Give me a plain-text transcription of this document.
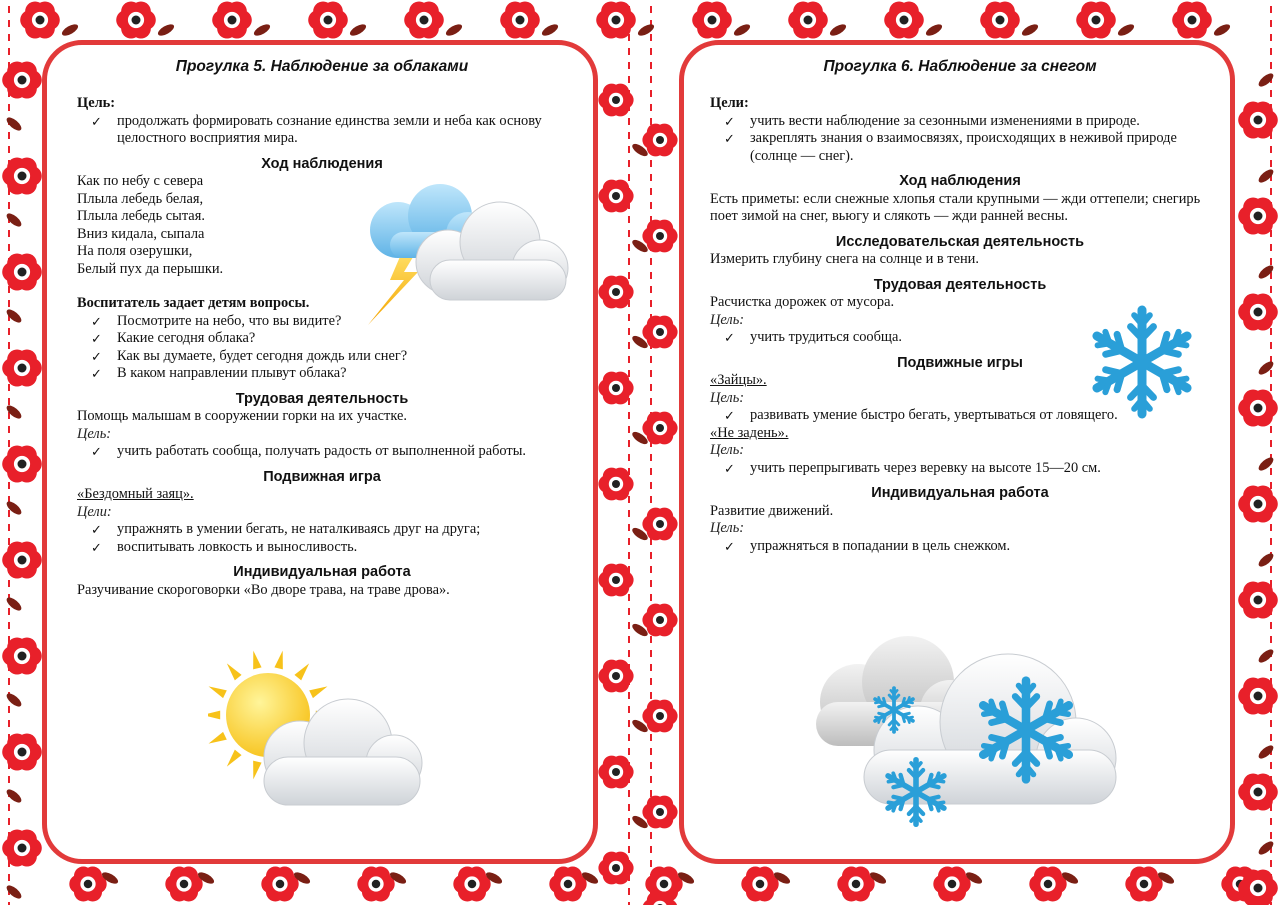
Прогулка 5. Наблюдение за облаками
Цель:
✓ продолжать формировать сознание единства земли и неба как основу целостного восприятия мира.
Ход наблюдения
Как по небу с севера
Плыла лебедь белая,
Плыла лебедь сытая.
Вниз кидала, сыпала
На поля озерушки,
Белый пух да перышки.
Воспитатель задает детям вопросы.
✓ Посмотрите на небо, что вы видите?
✓ Какие сегодня облака?
✓ Как вы думаете, будет сегодня дождь или снег?
✓ В каком направлении плывут облака?
Трудовая деятельность
Помощь малышам в сооружении горки на их участке.
Цель:
✓ учить работать сообща, получать радость от выполненной работы.
Подвижная игра
«Бездомный заяц».
Цели:
✓ упражнять в умении бегать, не наталкиваясь друг на друга;
✓ воспитывать ловкость и выносливость.
Индивидуальная работа
Разучивание скороговорки «Во дворе трава, на траве дрова».
Прогулка 6. Наблюдение за снегом
Цели:
✓ учить вести наблюдение за сезонными изменениями в природе.
✓ закреплять знания о взаимосвязях, происходящих в неживой природе (солнце — снег).
Ход наблюдения
Есть приметы: если снежные хлопья стали крупными — жди оттепели; снегирь поет зимой на снег, вьюгу и слякоть — жди ранней весны.
Исследовательская деятельность
Измерить глубину снега на солнце и в тени.
Трудовая деятельность
Расчистка дорожек от мусора.
Цель:
✓ учить трудиться сообща.
Подвижные игры
«Зайцы».
Цель:
✓ развивать умение быстро бегать, увертываться от ловящего.
«Не задень».
Цель:
✓ учить перепрыгивать через веревку на высоте 15—20 см.
Индивидуальная работа
Развитие движений.
Цель:
✓ упражняться в попадании в цель снежком.
